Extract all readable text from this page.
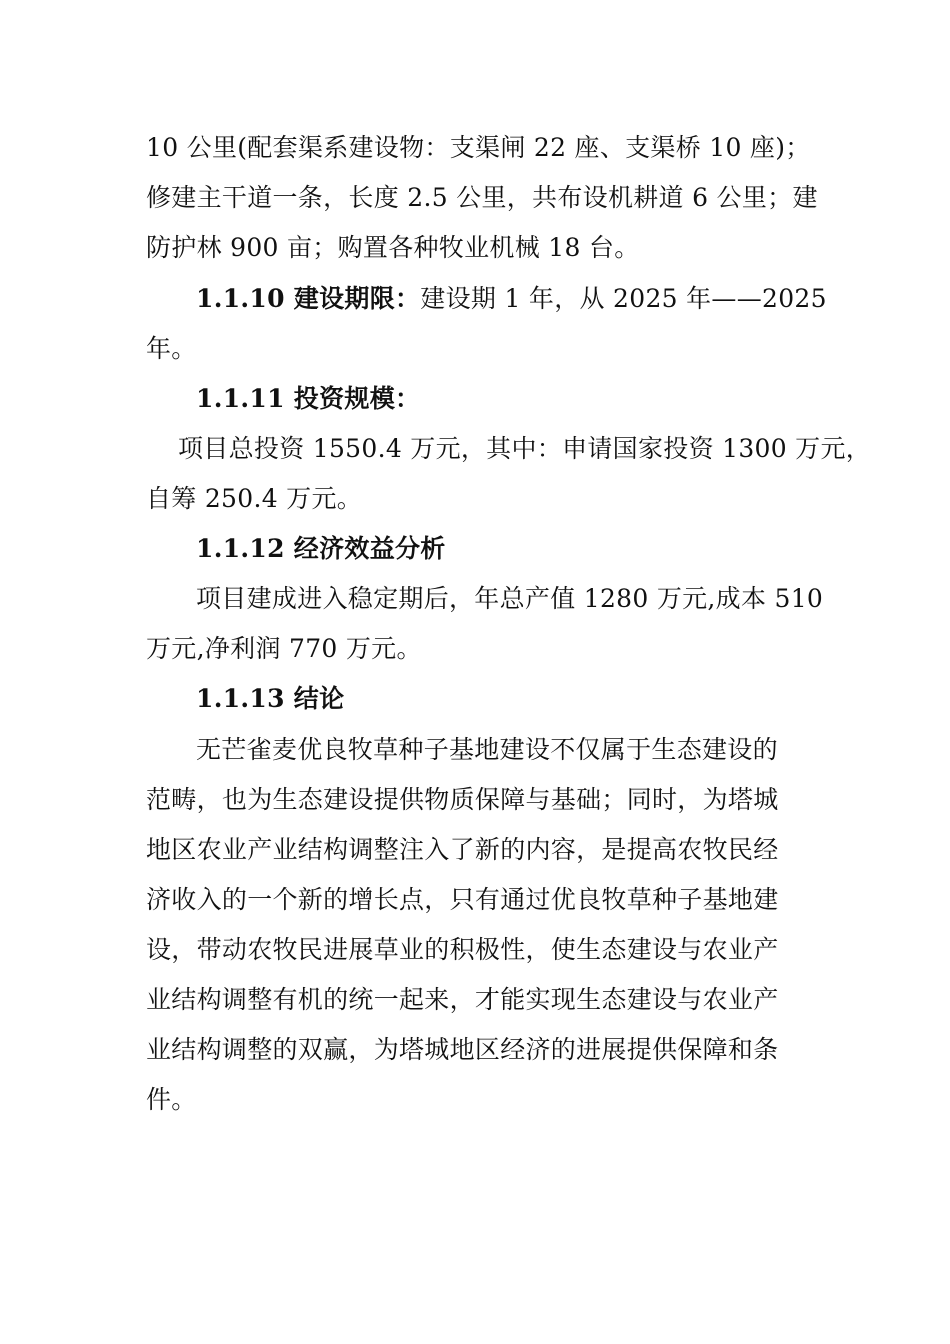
10 公里(配套渠系建设物：支渠闸 22 座、支渠桥 10 座)；
修建主干道一条，长度 2.5 公里，共布设机耕道 6 公里；建
防护林 900 亩；购置各种牧业机械 18 台。
1.1.10 建设期限：建设期 1 年，从 2025 年——2025
年。
1.1.11 投资规模：
项目总投资 1550.4 万元，其中：申请国家投资 1300 万元，
自筹 250.4 万元。
1.1.12 经济效益分析
项目建成进入稳定期后，年总产值 1280 万元,成本 510
万元,净利润 770 万元。
1.1.13 结论
无芒雀麦优良牧草种子基地建设不仅属于生态建设的
范畴，也为生态建设提供物质保障与基础；同时，为塔城
地区农业产业结构调整注入了新的内容，是提高农牧民经
济收入的一个新的增长点，只有通过优良牧草种子基地建
设，带动农牧民进展草业的积极性，使生态建设与农业产
业结构调整有机的统一起来，才能实现生态建设与农业产
业结构调整的双赢，为塔城地区经济的进展提供保障和条
件。
